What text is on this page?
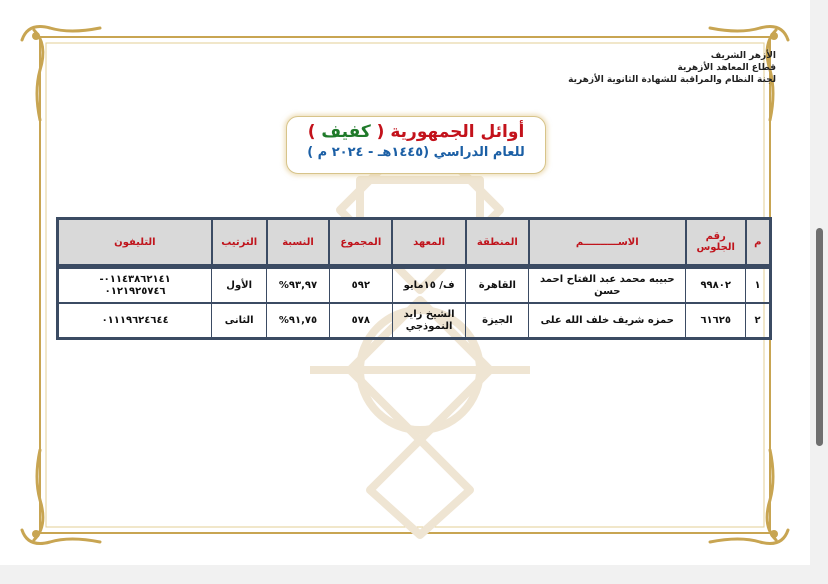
الأزهر الشريف
قطاع المعاهد الأزهرية
لجنة النظام والمراقبة للشهادة الثانوية الأزهرية
أوائل الجمهورية ( كفيف )
للعام الدراسي (١٤٤٥هـ - ٢٠٢٤ م )
م	رقم الجلوس	الاســــــــــم	المنطقة	المعهد	المجموع	النسبة	الترتيب	التليفون
١	٩٩٨٠٢	حبيبه محمد عبد الفتاح احمد حسن	القاهرة	ف/ ١٥مايو	٥٩٢	٩٣,٩٧%	الأول	٠١١٤٣٨٦٢١٤١-
٠١٢١٩٢٥٧٤٦

٢	٦١٦٢٥	حمزه شريف خلف الله على	الجيزة	الشيخ زايد النموذجي	٥٧٨	٩١,٧٥%	الثانى	٠١١١٩٦٢٤٦٤٤
